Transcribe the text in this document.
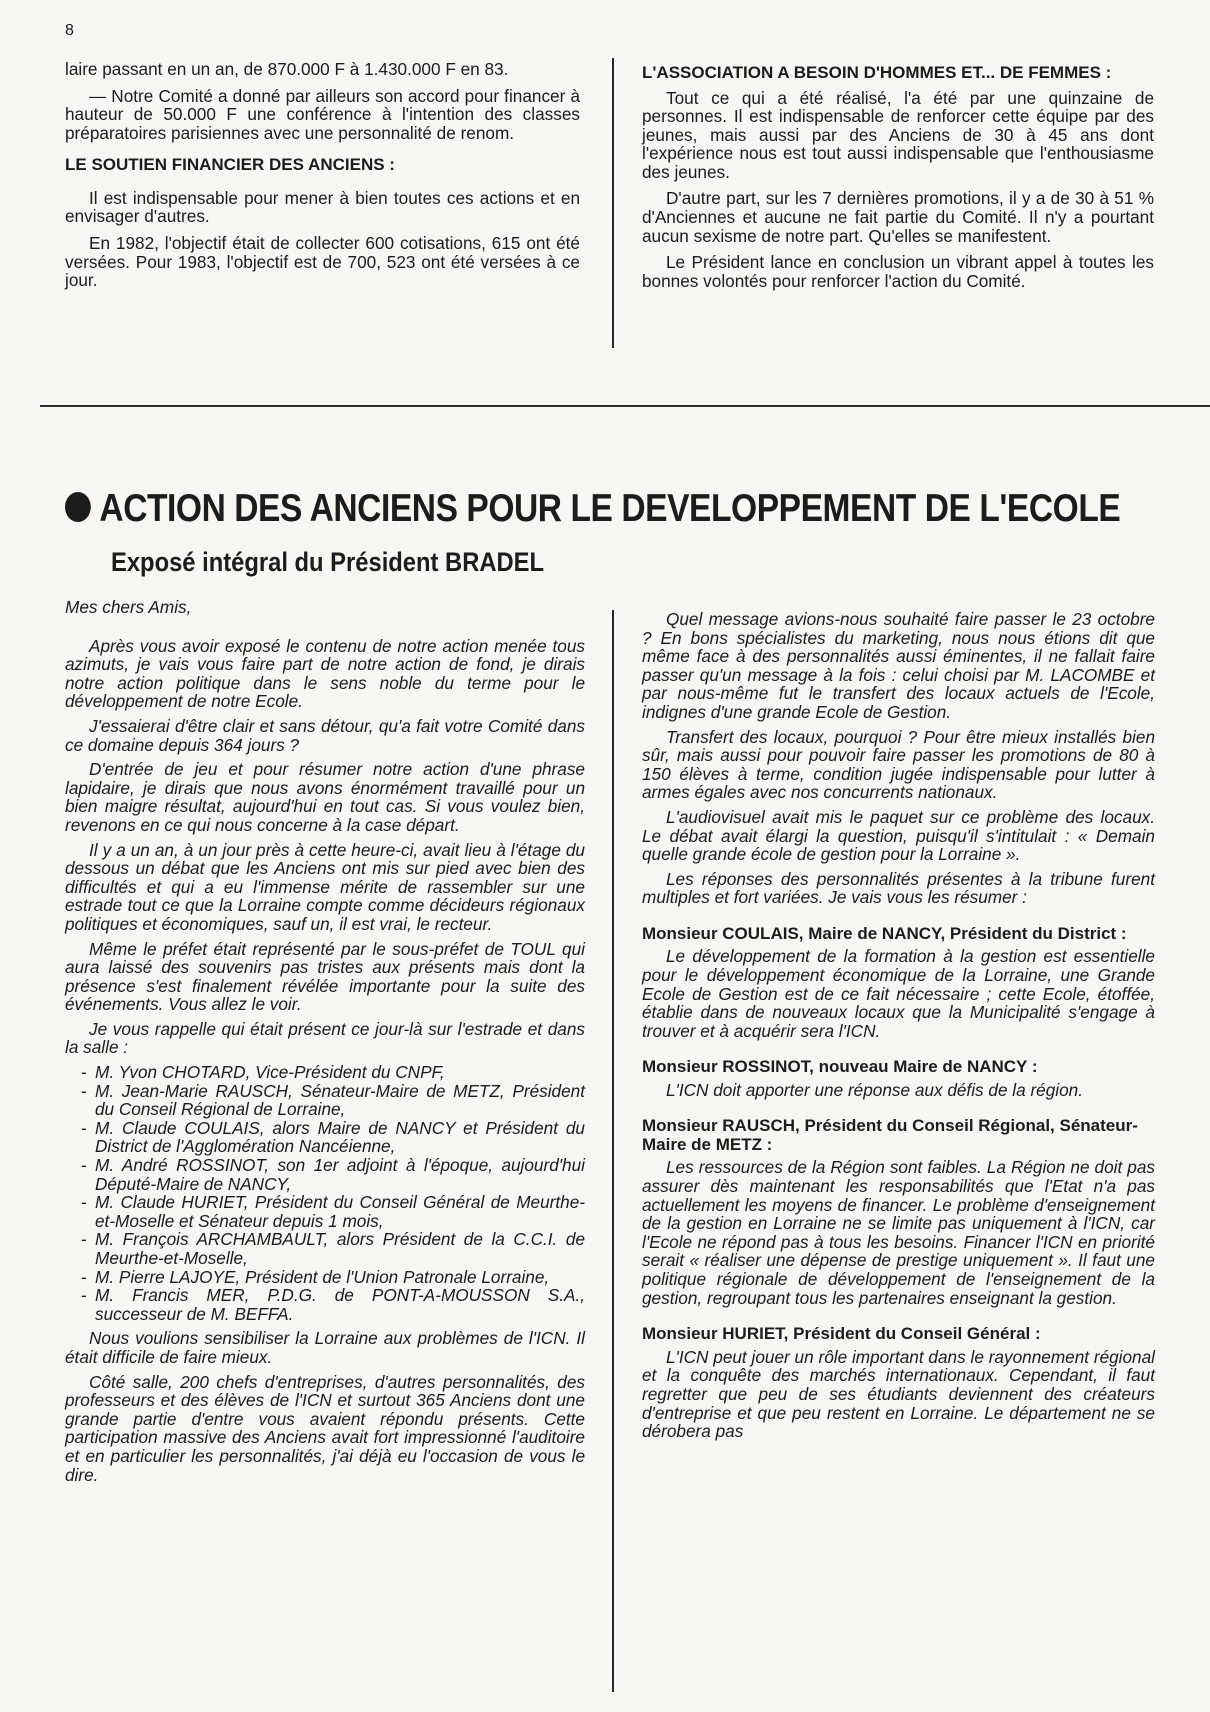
8

laire passant en un an, de 870.000 F à 1.430.000 F en 83.

— Notre Comité a donné par ailleurs son accord pour financer à hauteur de 50.000 F une conférence à l'intention des classes préparatoires parisiennes avec une personnalité de renom.

LE SOUTIEN FINANCIER DES ANCIENS :

Il est indispensable pour mener à bien toutes ces actions et en envisager d'autres.

En 1982, l'objectif était de collecter 600 cotisations, 615 ont été versées. Pour 1983, l'objectif est de 700, 523 ont été versées à ce jour.

L'ASSOCIATION A BESOIN D'HOMMES ET... DE FEMMES :

Tout ce qui a été réalisé, l'a été par une quinzaine de personnes. Il est indispensable de renforcer cette équipe par des jeunes, mais aussi par des Anciens de 30 à 45 ans dont l'expérience nous est tout aussi indispensable que l'enthousiasme des jeunes.

D'autre part, sur les 7 dernières promotions, il y a de 30 à 51 % d'Anciennes et aucune ne fait partie du Comité. Il n'y a pourtant aucun sexisme de notre part. Qu'elles se manifestent.

Le Président lance en conclusion un vibrant appel à toutes les bonnes volontés pour renforcer l'action du Comité.

ACTION DES ANCIENS POUR LE DEVELOPPEMENT DE L'ECOLE
Exposé intégral du Président BRADEL

Mes chers Amis,

Après vous avoir exposé le contenu de notre action menée tous azimuts, je vais vous faire part de notre action de fond, je dirais notre action politique dans le sens noble du terme pour le développement de notre Ecole.

J'essaierai d'être clair et sans détour, qu'a fait votre Comité dans ce domaine depuis 364 jours ?

D'entrée de jeu et pour résumer notre action d'une phrase lapidaire, je dirais que nous avons énormément travaillé pour un bien maigre résultat, aujourd'hui en tout cas. Si vous voulez bien, revenons en ce qui nous concerne à la case départ.

Il y a un an, à un jour près à cette heure-ci, avait lieu à l'étage du dessous un débat que les Anciens ont mis sur pied avec bien des difficultés et qui a eu l'immense mérite de rassembler sur une estrade tout ce que la Lorraine compte comme décideurs régionaux politiques et économiques, sauf un, il est vrai, le recteur.

Même le préfet était représenté par le sous-préfet de TOUL qui aura laissé des souvenirs pas tristes aux présents mais dont la présence s'est finalement révélée importante pour la suite des événements. Vous allez le voir.

Je vous rappelle qui était présent ce jour-là sur l'estrade et dans la salle :

- M. Yvon CHOTARD, Vice-Président du CNPF,
- M. Jean-Marie RAUSCH, Sénateur-Maire de METZ, Président du Conseil Régional de Lorraine,
- M. Claude COULAIS, alors Maire de NANCY et Président du District de l'Agglomération Nancéienne,
- M. André ROSSINOT, son 1er adjoint à l'époque, aujourd'hui Député-Maire de NANCY,
- M. Claude HURIET, Président du Conseil Général de Meurthe-et-Moselle et Sénateur depuis 1 mois,
- M. François ARCHAMBAULT, alors Président de la C.C.I. de Meurthe-et-Moselle,
- M. Pierre LAJOYE, Président de l'Union Patronale Lorraine,
- M. Francis MER, P.D.G. de PONT-A-MOUSSON S.A., successeur de M. BEFFA.

Nous voulions sensibiliser la Lorraine aux problèmes de l'ICN. Il était difficile de faire mieux.

Côté salle, 200 chefs d'entreprises, d'autres personnalités, des professeurs et des élèves de l'ICN et surtout 365 Anciens dont une grande partie d'entre vous avaient répondu présents. Cette participation massive des Anciens avait fort impressionné l'auditoire et en particulier les personnalités, j'ai déjà eu l'occasion de vous le dire.

Quel message avions-nous souhaité faire passer le 23 octobre ? En bons spécialistes du marketing, nous nous étions dit que même face à des personnalités aussi éminentes, il ne fallait faire passer qu'un message à la fois : celui choisi par M. LACOMBE et par nous-même fut le transfert des locaux actuels de l'Ecole, indignes d'une grande Ecole de Gestion.

Transfert des locaux, pourquoi ? Pour être mieux installés bien sûr, mais aussi pour pouvoir faire passer les promotions de 80 à 150 élèves à terme, condition jugée indispensable pour lutter à armes égales avec nos concurrents nationaux.

L'audiovisuel avait mis le paquet sur ce problème des locaux. Le débat avait élargi la question, puisqu'il s'intitulait : « Demain quelle grande école de gestion pour la Lorraine ».

Les réponses des personnalités présentes à la tribune furent multiples et fort variées. Je vais vous les résumer :

Monsieur COULAIS, Maire de NANCY, Président du District :

Le développement de la formation à la gestion est essentielle pour le développement économique de la Lorraine, une Grande Ecole de Gestion est de ce fait nécessaire ; cette Ecole, étoffée, établie dans de nouveaux locaux que la Municipalité s'engage à trouver et à acquérir sera l'ICN.

Monsieur ROSSINOT, nouveau Maire de NANCY :

L'ICN doit apporter une réponse aux défis de la région.

Monsieur RAUSCH, Président du Conseil Régional, Sénateur-Maire de METZ :

Les ressources de la Région sont faibles. La Région ne doit pas assurer dès maintenant les responsabilités que l'Etat n'a pas actuellement les moyens de financer. Le problème d'enseignement de la gestion en Lorraine ne se limite pas uniquement à l'ICN, car l'Ecole ne répond pas à tous les besoins. Financer l'ICN en priorité serait « réaliser une dépense de prestige uniquement ». Il faut une politique régionale de développement de l'enseignement de la gestion, regroupant tous les partenaires enseignant la gestion.

Monsieur HURIET, Président du Conseil Général :

L'ICN peut jouer un rôle important dans le rayonnement régional et la conquête des marchés internationaux. Cependant, il faut regretter que peu de ses étudiants deviennent des créateurs d'entreprise et que peu restent en Lorraine. Le département ne se dérobera pas
